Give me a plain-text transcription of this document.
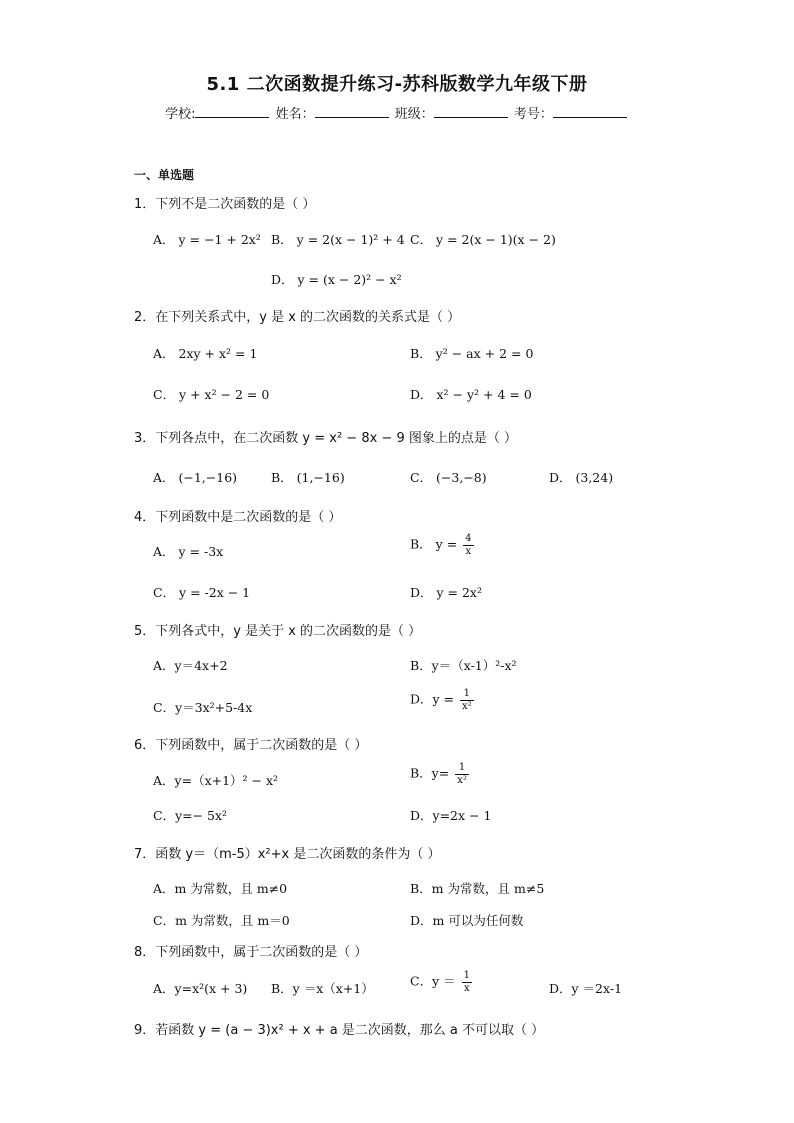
5.1 二次函数提升练习-苏科版数学九年级下册
学校:	姓名：	班级：	考号：
一、单选题
1．下列不是二次函数的是（ ）
A． y = −1 + 2x² B． y = 2(x − 1)² + 4 C． y = 2(x − 1)(x − 2)
D． y = (x − 2)² − x²
2．在下列关系式中，y 是 x 的二次函数的关系式是（ ）
A． 2xy + x² = 1	B． y² − ax + 2 = 0
C． y + x² − 2 = 0	D． x² − y² + 4 = 0
3．下列各点中，在二次函数 y = x² − 8x − 9 图象上的点是（ ）
A． (−1,−16)	B． (1,−16)	C． (−3,−8)	D． (3,24)
4．下列函数中是二次函数的是（ ）
A． y = -3x	B． $y = \frac{4}{x}$
C． y = -2x − 1	D． y = 2x²
5．下列各式中，y 是关于 x 的二次函数的是（ ）
A．y＝4x+2	B．y＝（x-1）²-x²
C．y＝3x²+5-4x
D．$y = \frac{1}{\text{x²}}$
6．下列函数中，属于二次函数的是（ ）
A．y=（x+1）² − x²	B．$y= \frac{1}{\text{x²}}$
C．y=− 5x²	D．y=2x − 1
7．函数 y＝（m-5）x²+x 是二次函数的条件为（ ）
A．m 为常数，且 m≠0	B．m 为常数，且 m≠5
C．m 为常数，且 m＝0	D．m 可以为任何数
8．下列函数中，属于二次函数的是（ ）
A．y=x²(x + 3) B．y ＝x（x+1）	C．$y = \frac{1}{x}$	D．y ＝2x-1
9．若函数 y = (a − 3)x² + x + a 是二次函数，那么 a 不可以取（ ）
